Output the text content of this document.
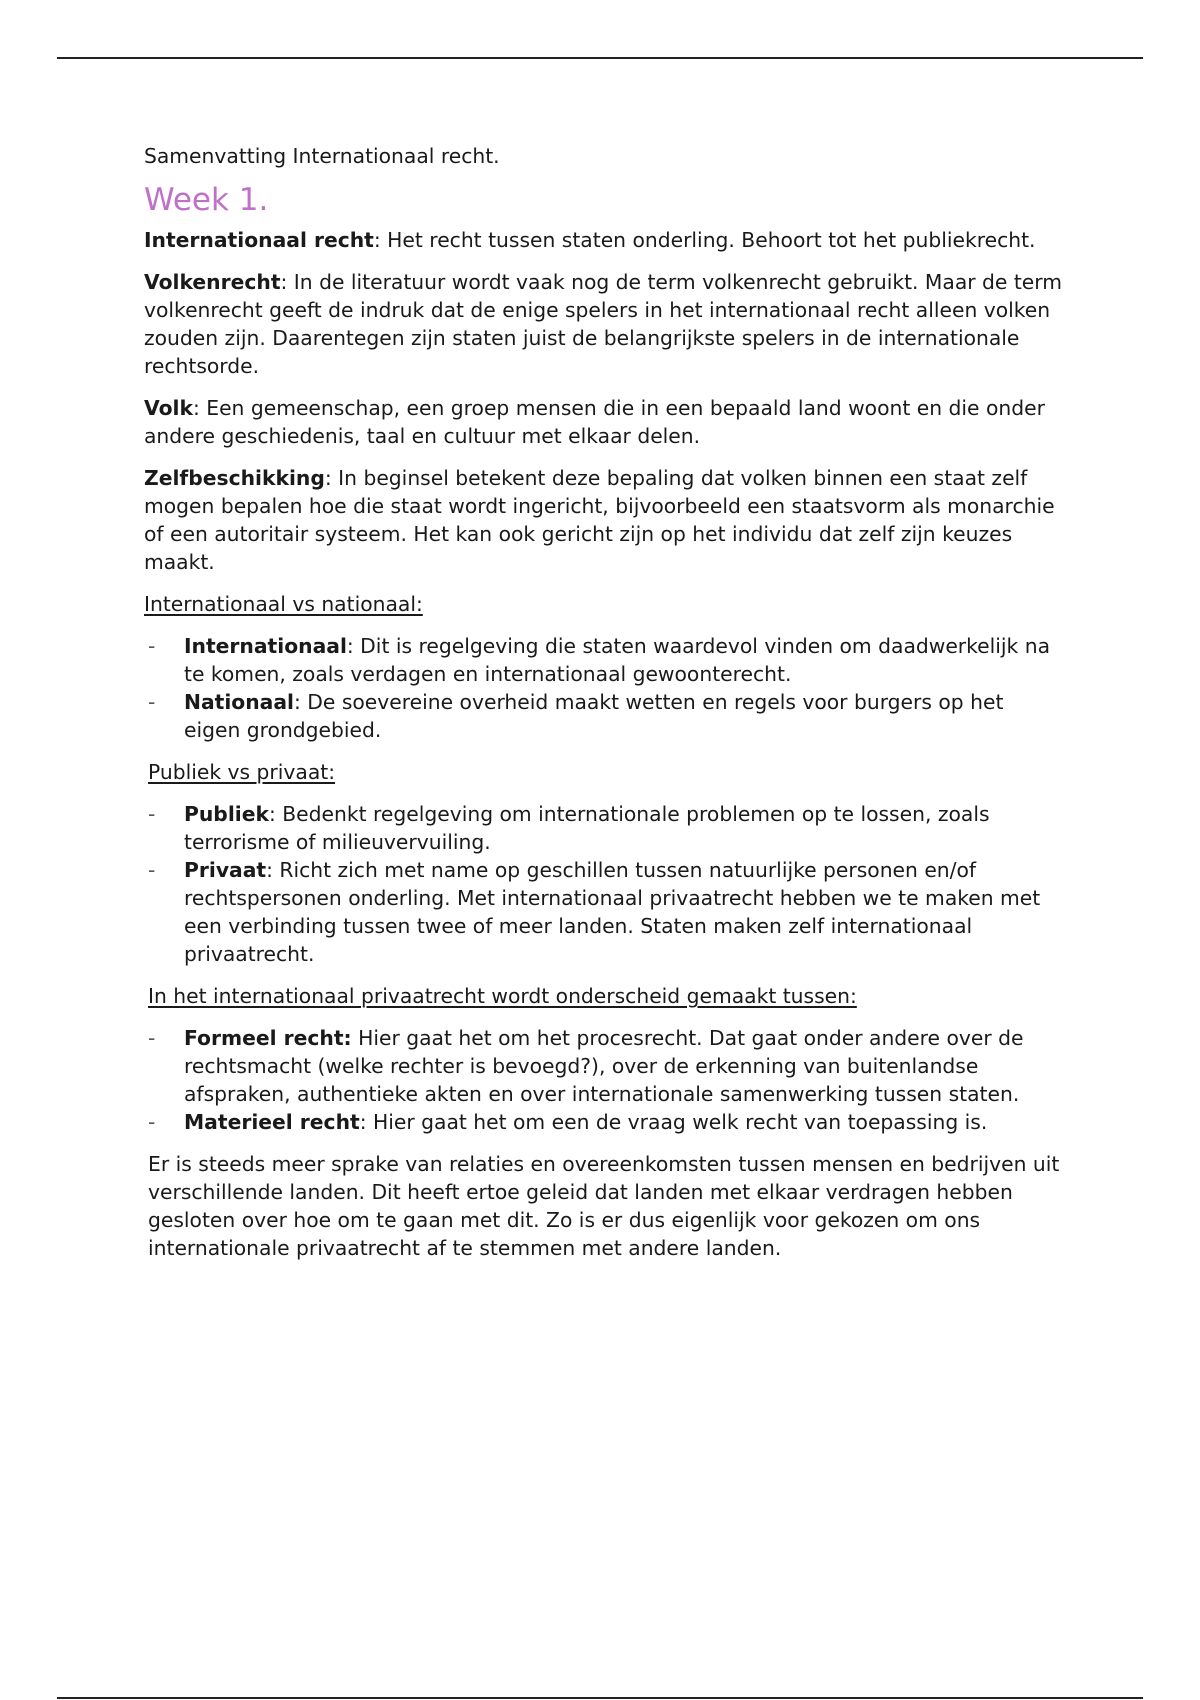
Samenvatting Internationaal recht.

Week 1.

Internationaal recht: Het recht tussen staten onderling. Behoort tot het publiekrecht.

Volkenrecht: In de literatuur wordt vaak nog de term volkenrecht gebruikt. Maar de term volkenrecht geeft de indruk dat de enige spelers in het internationaal recht alleen volken zouden zijn. Daarentegen zijn staten juist de belangrijkste spelers in de internationale rechtsorde.

Volk: Een gemeenschap, een groep mensen die in een bepaald land woont en die onder andere geschiedenis, taal en cultuur met elkaar delen.

Zelfbeschikking: In beginsel betekent deze bepaling dat volken binnen een staat zelf mogen bepalen hoe die staat wordt ingericht, bijvoorbeeld een staatsvorm als monarchie of een autoritair systeem. Het kan ook gericht zijn op het individu dat zelf zijn keuzes maakt.

Internationaal vs nationaal:

- Internationaal: Dit is regelgeving die staten waardevol vinden om daadwerkelijk na te komen, zoals verdagen en internationaal gewoonterecht.
- Nationaal: De soevereine overheid maakt wetten en regels voor burgers op het eigen grondgebied.

Publiek vs privaat:

- Publiek: Bedenkt regelgeving om internationale problemen op te lossen, zoals terrorisme of milieuvervuiling.
- Privaat: Richt zich met name op geschillen tussen natuurlijke personen en/of rechtspersonen onderling. Met internationaal privaatrecht hebben we te maken met een verbinding tussen twee of meer landen. Staten maken zelf internationaal privaatrecht.

In het internationaal privaatrecht wordt onderscheid gemaakt tussen:

- Formeel recht: Hier gaat het om het procesrecht. Dat gaat onder andere over de rechtsmacht (welke rechter is bevoegd?), over de erkenning van buitenlandse afspraken, authentieke akten en over internationale samenwerking tussen staten.
- Materieel recht: Hier gaat het om een de vraag welk recht van toepassing is.

Er is steeds meer sprake van relaties en overeenkomsten tussen mensen en bedrijven uit verschillende landen. Dit heeft ertoe geleid dat landen met elkaar verdragen hebben gesloten over hoe om te gaan met dit. Zo is er dus eigenlijk voor gekozen om ons internationale privaatrecht af te stemmen met andere landen.
